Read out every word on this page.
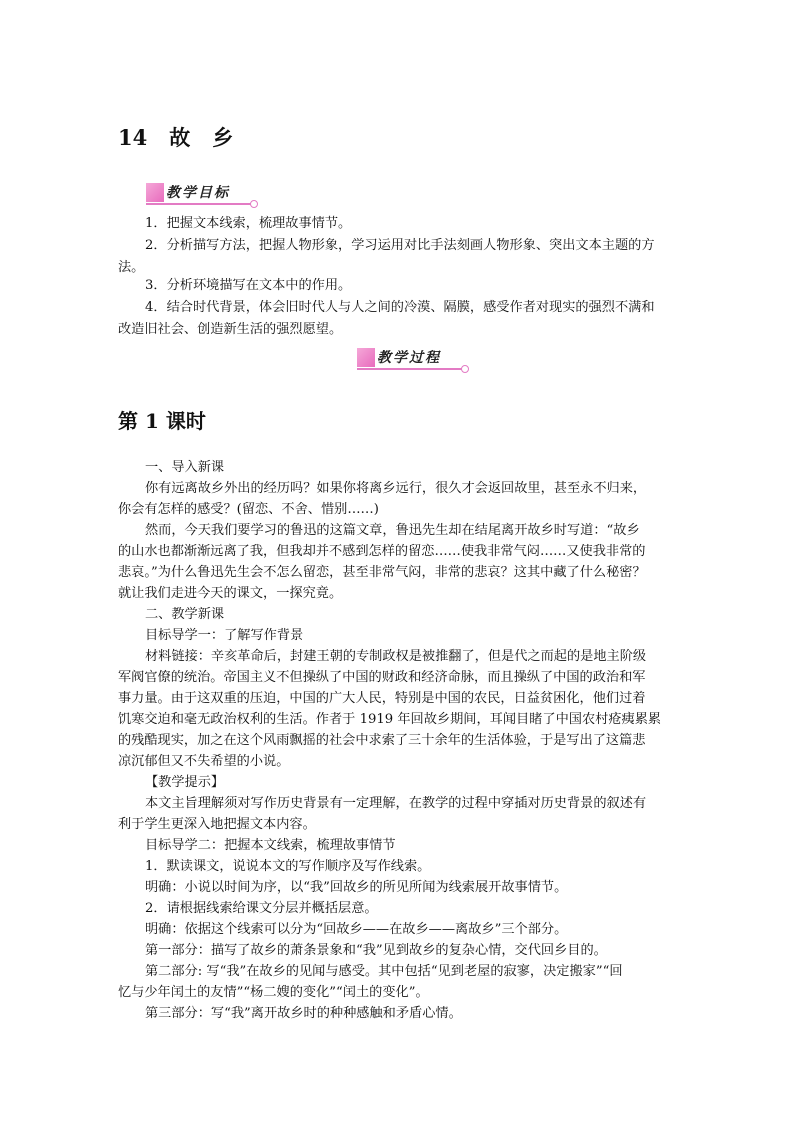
14 故 乡
教学目标
1．把握文本线索，梳理故事情节。
2．分析描写方法，把握人物形象，学习运用对比手法刻画人物形象、突出文本主题的方
法。
3．分析环境描写在文本中的作用。
4．结合时代背景，体会旧时代人与人之间的冷漠、隔膜，感受作者对现实的强烈不满和
改造旧社会、创造新生活的强烈愿望。
教学过程
第 1 课时
一、导入新课
你有远离故乡外出的经历吗？如果你将离乡远行，很久才会返回故里，甚至永不归来，
你会有怎样的感受？(留恋、不舍、惜别……)
然而，今天我们要学习的鲁迅的这篇文章，鲁迅先生却在结尾离开故乡时写道：“故乡
的山水也都渐渐远离了我，但我却并不感到怎样的留恋……使我非常气闷……又使我非常的
悲哀。”为什么鲁迅先生会不怎么留恋，甚至非常气闷，非常的悲哀？这其中藏了什么秘密？
就让我们走进今天的课文，一探究竟。
二、教学新课
目标导学一：了解写作背景
材料链接：辛亥革命后，封建王朝的专制政权是被推翻了，但是代之而起的是地主阶级
军阀官僚的统治。帝国主义不但操纵了中国的财政和经济命脉，而且操纵了中国的政治和军
事力量。由于这双重的压迫，中国的广大人民，特别是中国的农民，日益贫困化，他们过着
饥寒交迫和毫无政治权利的生活。作者于 1919 年回故乡期间，耳闻目睹了中国农村疮痍累累
的残酷现实，加之在这个风雨飘摇的社会中求索了三十余年的生活体验，于是写出了这篇悲
凉沉郁但又不失希望的小说。
【教学提示】
本文主旨理解须对写作历史背景有一定理解，在教学的过程中穿插对历史背景的叙述有
利于学生更深入地把握文本内容。
目标导学二：把握本文线索，梳理故事情节
1．默读课文，说说本文的写作顺序及写作线索。
明确：小说以时间为序，以“我”回故乡的所见所闻为线索展开故事情节。
2．请根据线索给课文分层并概括层意。
明确：依据这个线索可以分为“回故乡——在故乡——离故乡”三个部分。
第一部分：描写了故乡的萧条景象和“我”见到故乡的复杂心情，交代回乡目的。
第二部分: 写“我”在故乡的见闻与感受。其中包括“见到老屋的寂寥，决定搬家”“回
忆与少年闰土的友情”“杨二嫂的变化”“闰土的变化”。
第三部分：写“我”离开故乡时的种种感触和矛盾心情。
